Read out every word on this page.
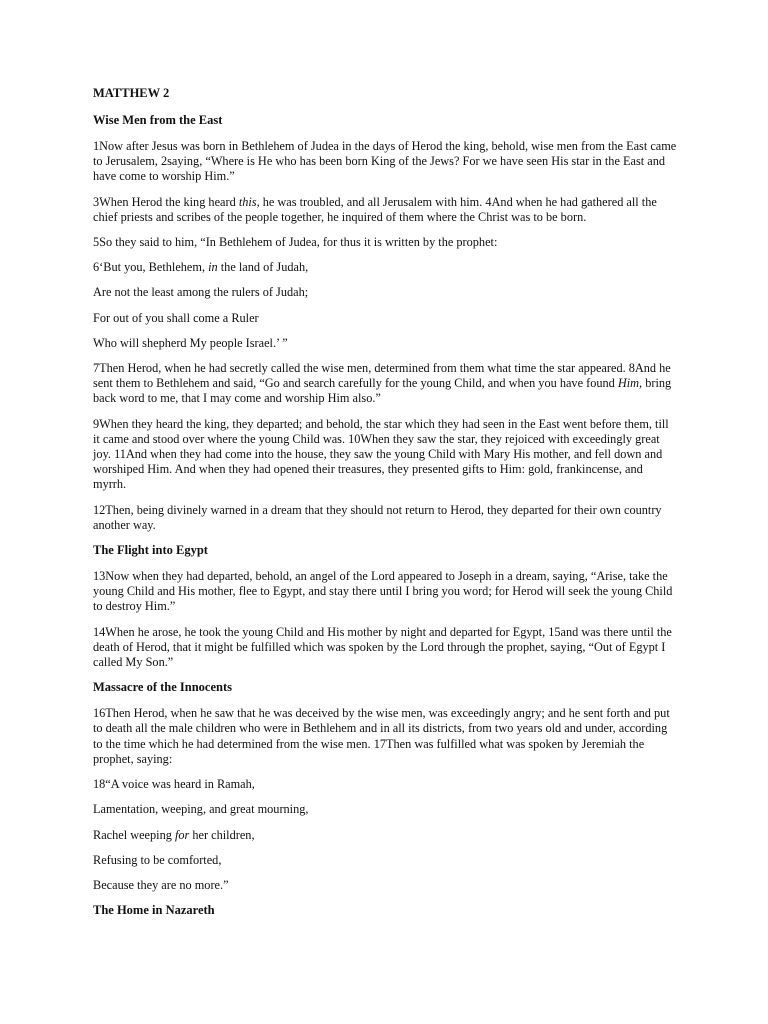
MATTHEW 2
Wise Men from the East
1Now after Jesus was born in Bethlehem of Judea in the days of Herod the king, behold, wise men from the East came to Jerusalem, 2saying, “Where is He who has been born King of the Jews? For we have seen His star in the East and have come to worship Him.”
3When Herod the king heard this, he was troubled, and all Jerusalem with him. 4And when he had gathered all the chief priests and scribes of the people together, he inquired of them where the Christ was to be born.
5So they said to him, “In Bethlehem of Judea, for thus it is written by the prophet:
6‘But you, Bethlehem, in the land of Judah,
Are not the least among the rulers of Judah;
For out of you shall come a Ruler
Who will shepherd My people Israel.’ ”
7Then Herod, when he had secretly called the wise men, determined from them what time the star appeared. 8And he sent them to Bethlehem and said, “Go and search carefully for the young Child, and when you have found Him, bring back word to me, that I may come and worship Him also.”
9When they heard the king, they departed; and behold, the star which they had seen in the East went before them, till it came and stood over where the young Child was. 10When they saw the star, they rejoiced with exceedingly great joy. 11And when they had come into the house, they saw the young Child with Mary His mother, and fell down and worshiped Him. And when they had opened their treasures, they presented gifts to Him: gold, frankincense, and myrrh.
12Then, being divinely warned in a dream that they should not return to Herod, they departed for their own country another way.
The Flight into Egypt
13Now when they had departed, behold, an angel of the Lord appeared to Joseph in a dream, saying, “Arise, take the young Child and His mother, flee to Egypt, and stay there until I bring you word; for Herod will seek the young Child to destroy Him.”
14When he arose, he took the young Child and His mother by night and departed for Egypt, 15and was there until the death of Herod, that it might be fulfilled which was spoken by the Lord through the prophet, saying, “Out of Egypt I called My Son.”
Massacre of the Innocents
16Then Herod, when he saw that he was deceived by the wise men, was exceedingly angry; and he sent forth and put to death all the male children who were in Bethlehem and in all its districts, from two years old and under, according to the time which he had determined from the wise men. 17Then was fulfilled what was spoken by Jeremiah the prophet, saying:
18“A voice was heard in Ramah,
Lamentation, weeping, and great mourning,
Rachel weeping for her children,
Refusing to be comforted,
Because they are no more.”
The Home in Nazareth
